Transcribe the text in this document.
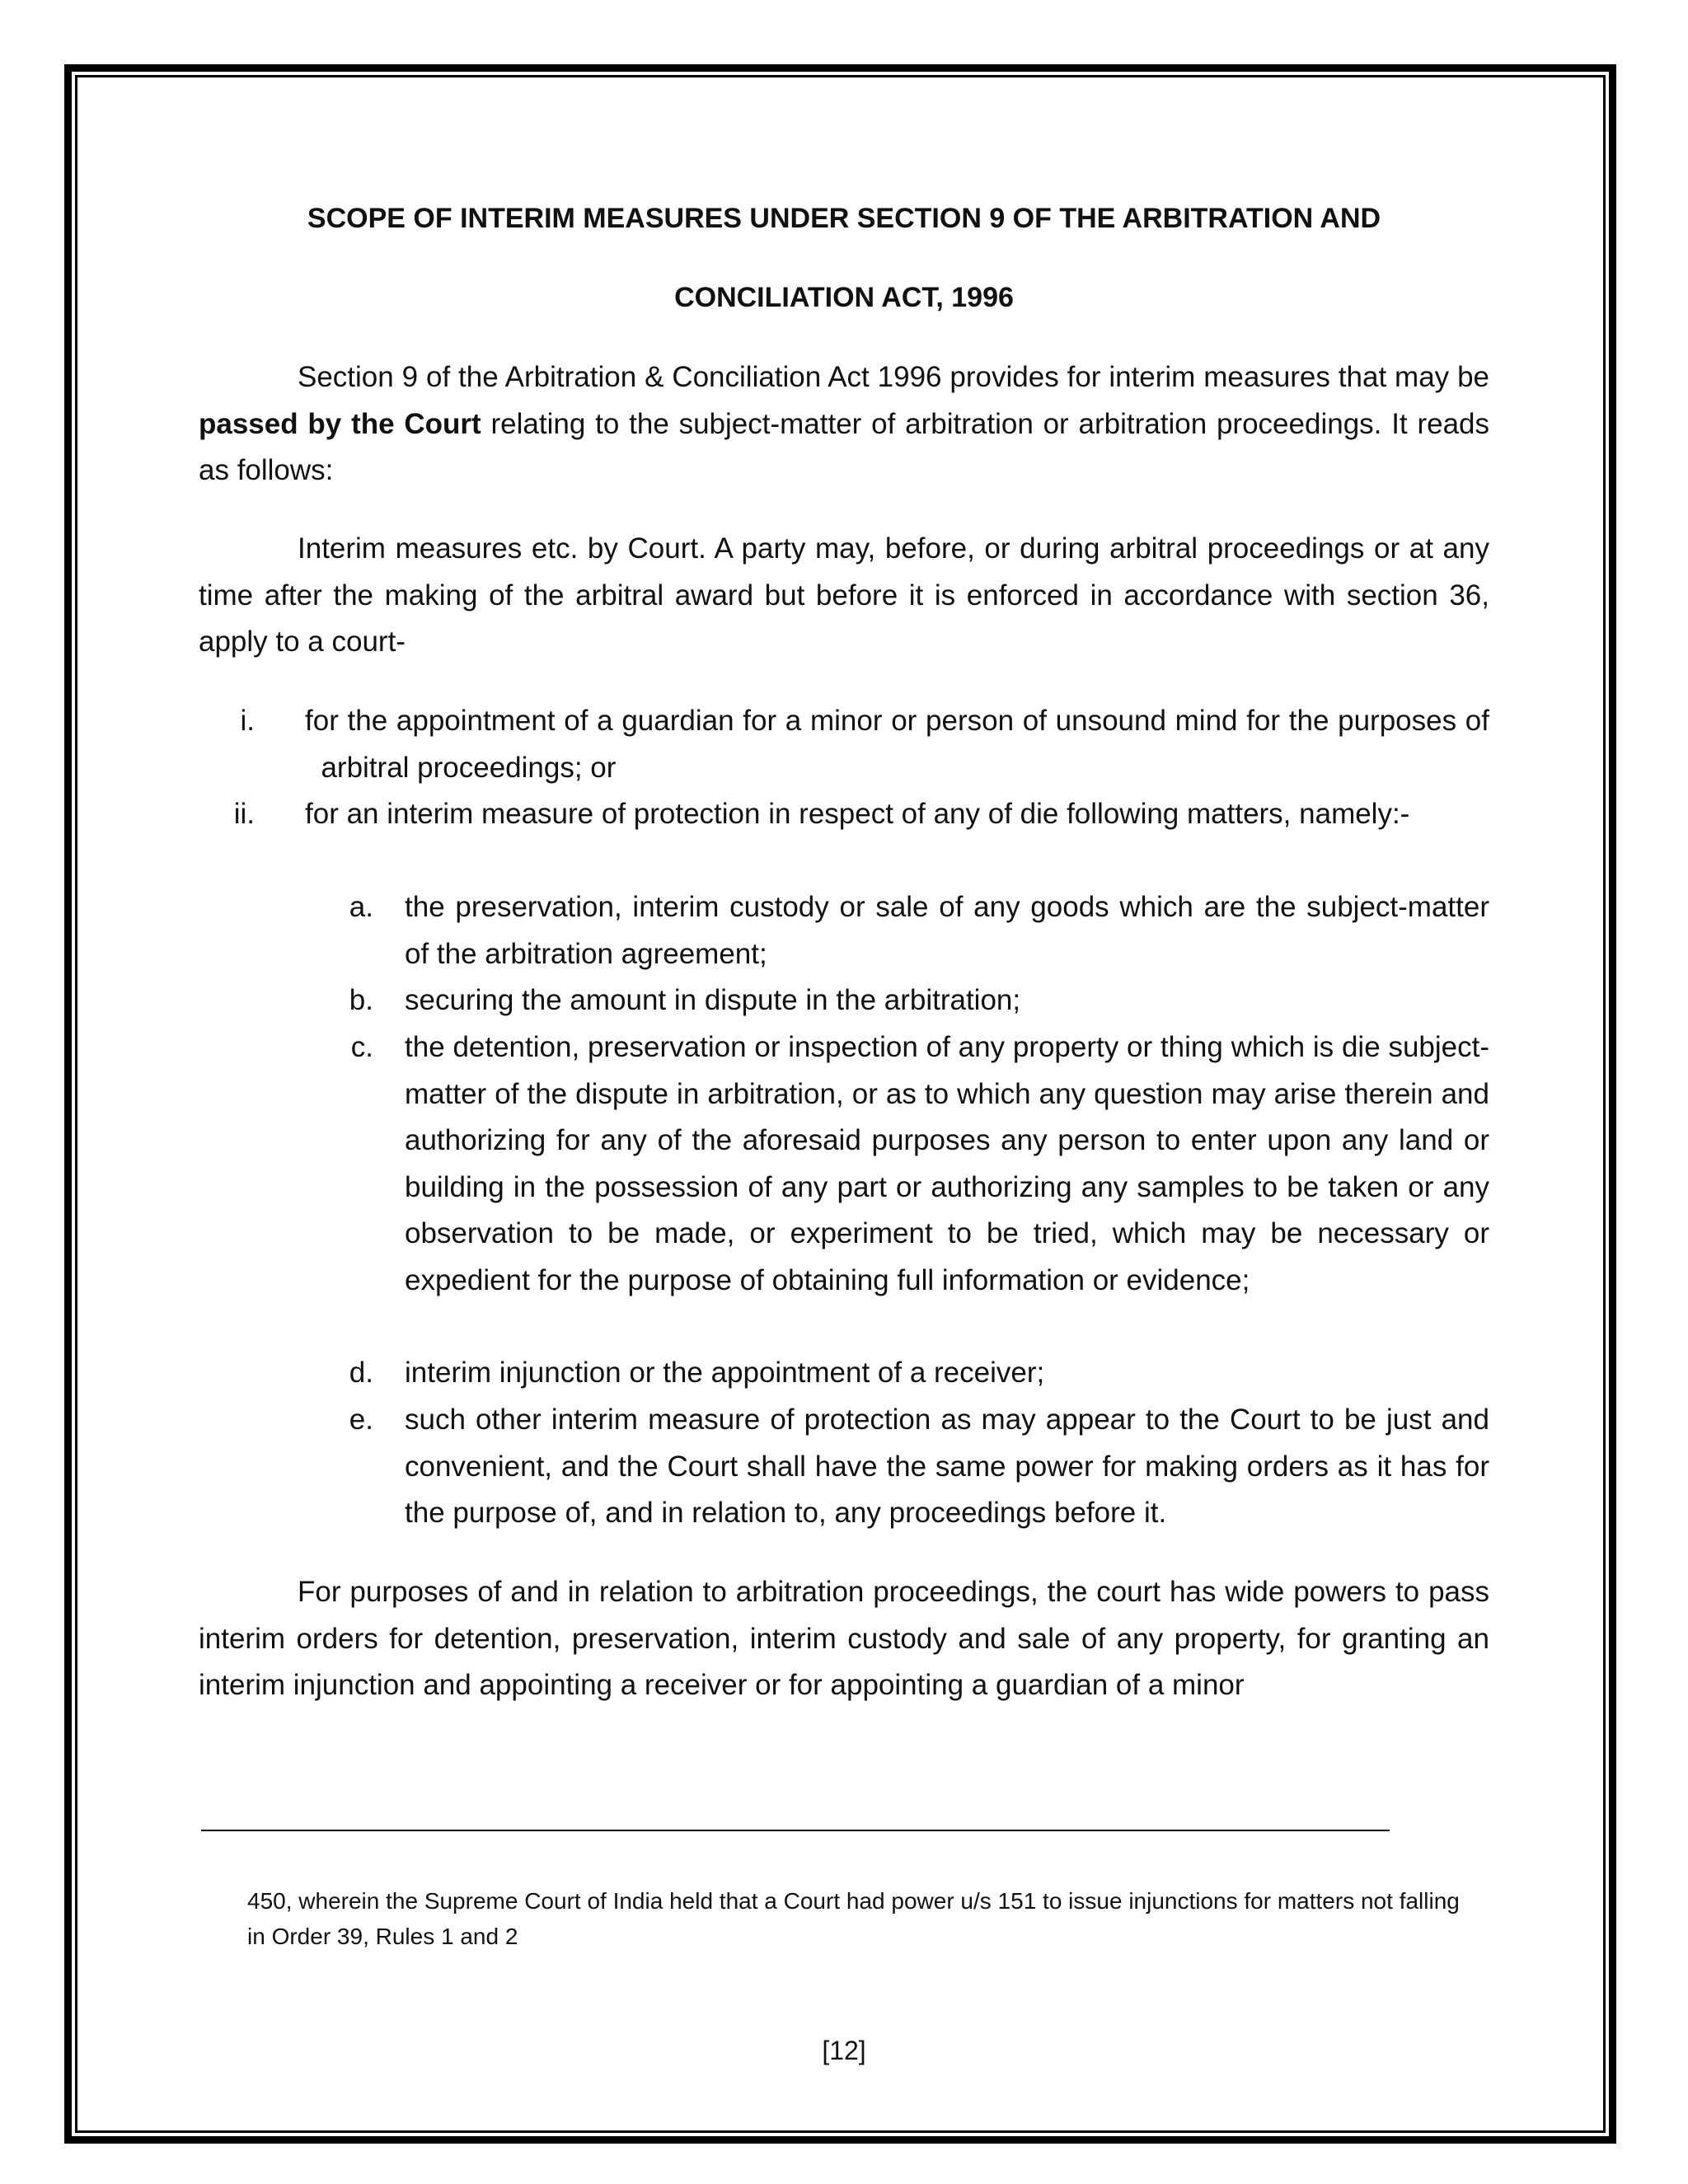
SCOPE OF INTERIM MEASURES UNDER SECTION 9 OF THE ARBITRATION AND
CONCILIATION ACT, 1996

Section 9 of the Arbitration & Conciliation Act 1996 provides for interim measures that may be passed by the Court relating to the subject-matter of arbitration or arbitration proceedings. It reads as follows:

Interim measures etc. by Court. A party may, before, or during arbitral proceedings or at any time after the making of the arbitral award but before it is enforced in accordance with section 36, apply to a court-

i. for the appointment of a guardian for a minor or person of unsound mind for the purposes of   arbitral proceedings; or
ii. for an interim measure of protection in respect of any of die following matters, namely:-
a. the preservation, interim custody or sale of any goods which are the subject-matter of the arbitration agreement;
b. securing the amount in dispute in the arbitration;
c. the detention, preservation or inspection of any property or thing which is die subject- matter of the dispute in arbitration, or as to which any question may arise therein and authorizing for any of the aforesaid purposes any person to enter upon any land or building in the possession of any part or authorizing any samples to be taken or any observation to be made, or experiment to be tried, which may be necessary or expedient for the purpose of obtaining full information or evidence;
d. interim injunction or the appointment of a receiver;
e. such other interim measure of protection as may appear to the Court to be just and convenient, and the Court shall have the same power for making orders as it has for the purpose of, and in relation to, any proceedings before it.

For purposes of and in relation to arbitration proceedings, the court has wide powers to pass interim orders for detention, preservation, interim custody and sale of any property, for granting an interim injunction and appointing a receiver or for appointing a guardian of a minor

450, wherein the Supreme Court of India held that a Court had power u/s 151 to issue injunctions for matters not falling in Order 39, Rules 1 and 2
[12]
